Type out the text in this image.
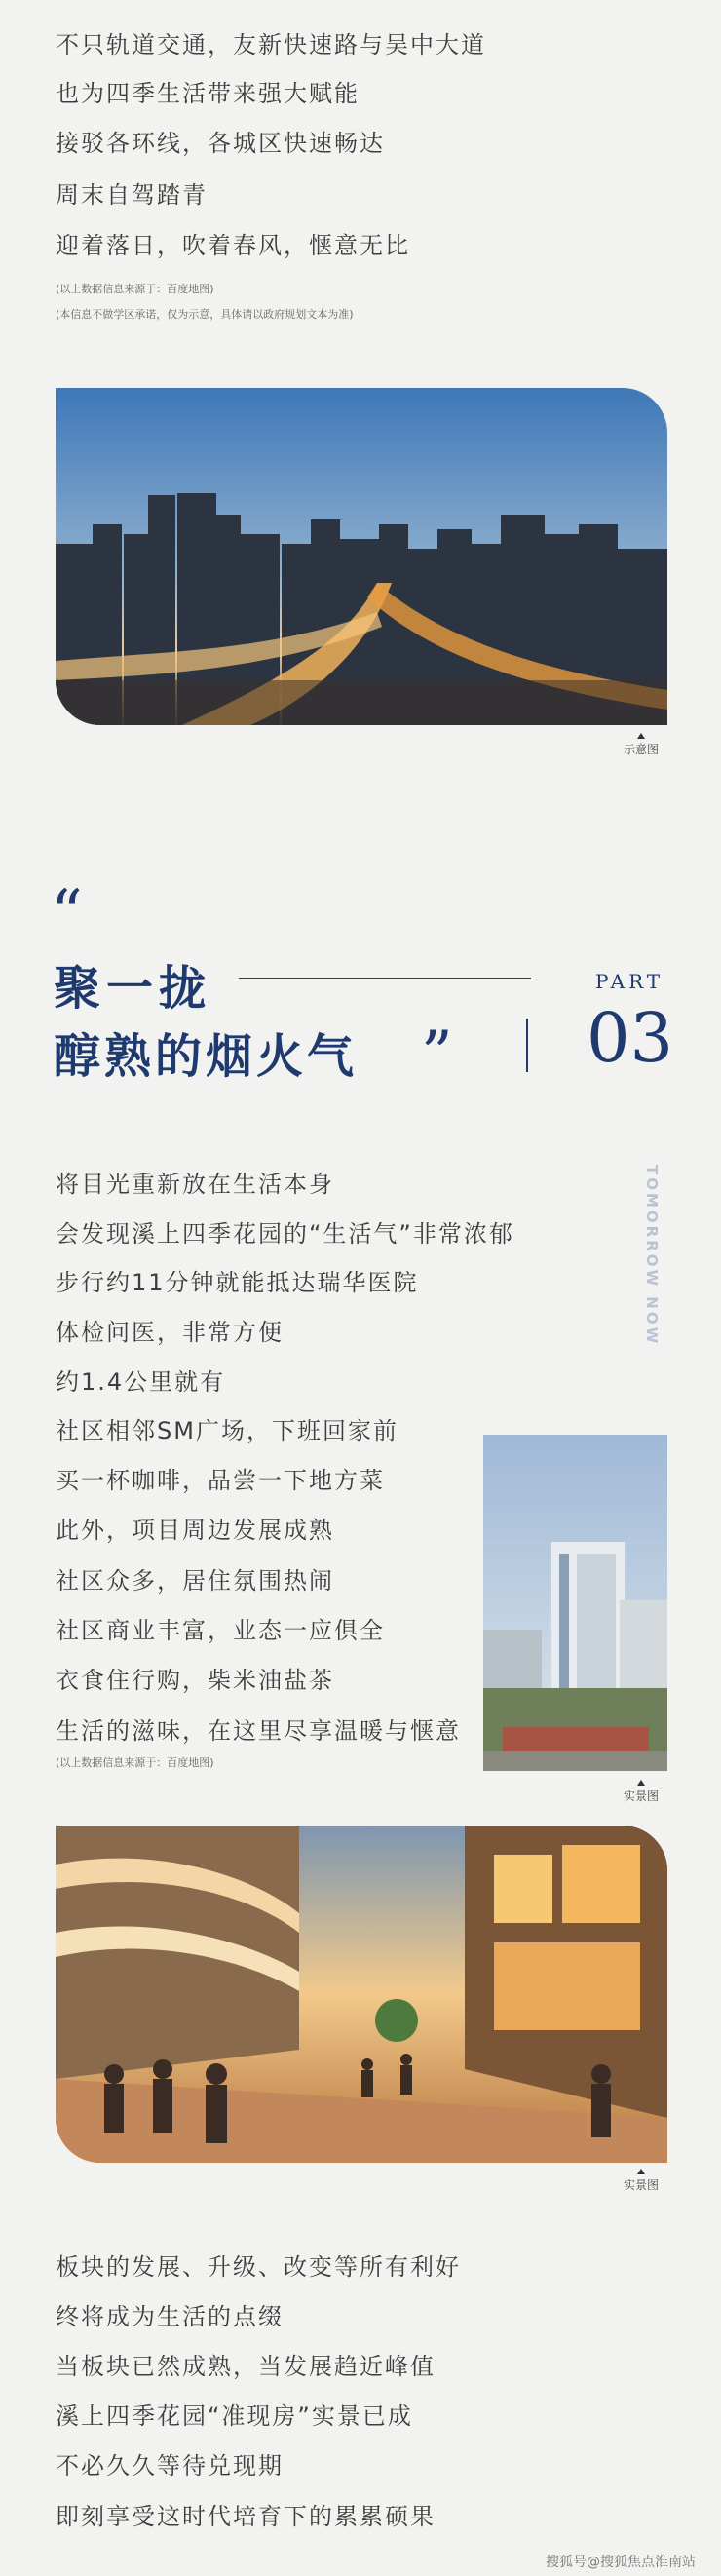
不只轨道交通，友新快速路与吴中大道
也为四季生活带来强大赋能
接驳各环线，各城区快速畅达
周末自驾踏青
迎着落日，吹着春风，惬意无比
(以上数据信息来源于：百度地图)
(本信息不做学区承诺，仅为示意，具体请以政府规划文本为准)
示意图
“
聚一拢
醇熟的烟火气 ”
PART
03
TOMORROW NOW
将目光重新放在生活本身
会发现溪上四季花园的“生活气”非常浓郁
步行约11分钟就能抵达瑞华医院
体检问医，非常方便
约1.4公里就有
社区相邻SM广场，下班回家前
买一杯咖啡，品尝一下地方菜
此外，项目周边发展成熟
社区众多，居住氛围热闹
社区商业丰富，业态一应俱全
衣食住行购，柴米油盐茶
生活的滋味，在这里尽享温暖与惬意
(以上数据信息来源于：百度地图)
实景图
实景图
板块的发展、升级、改变等所有利好
终将成为生活的点缀
当板块已然成熟，当发展趋近峰值
溪上四季花园“准现房”实景已成
不必久久等待兑现期
即刻享受这时代培育下的累累硕果
搜狐号@搜狐焦点淮南站
